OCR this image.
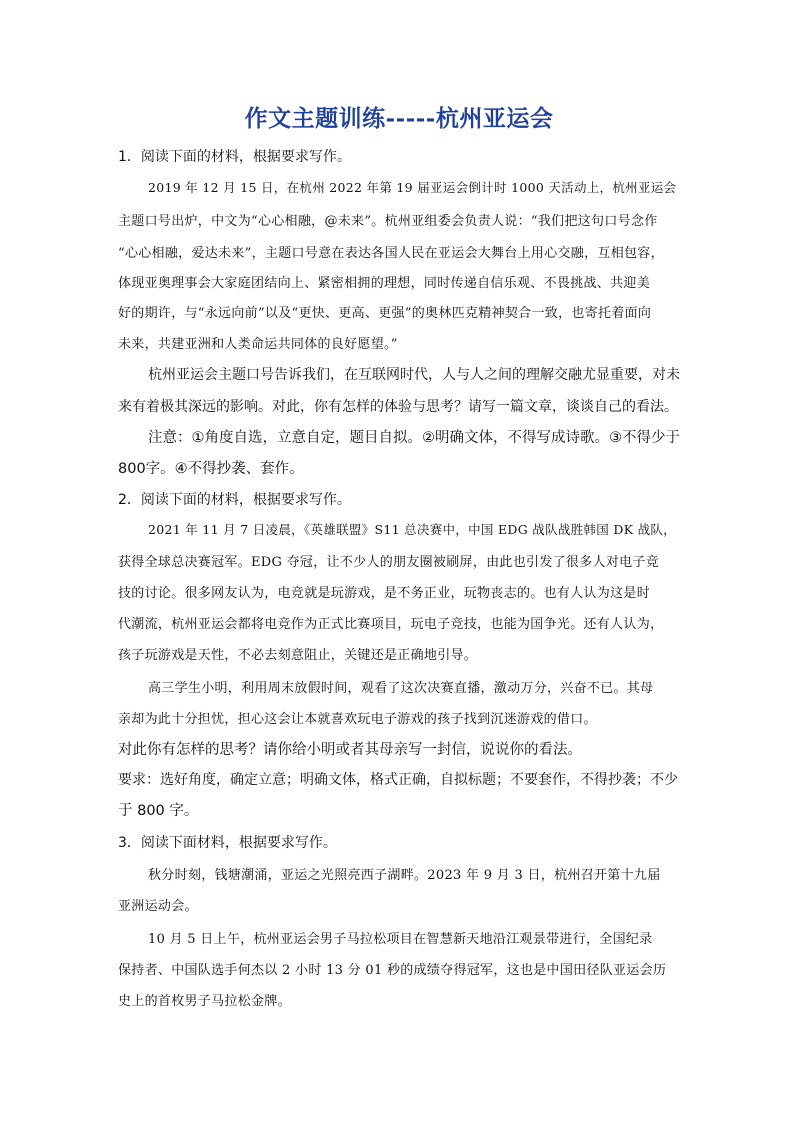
作文主题训练-----杭州亚运会

1．阅读下面的材料，根据要求写作。

2019 年 12 月 15 日，在杭州 2022 年第 19 届亚运会倒计时 1000 天活动上，杭州亚运会

主题口号出炉，中文为“心心相融，@未来”。杭州亚组委会负责人说：“我们把这句口号念作

“心心相融，爱达未来”，主题口号意在表达各国人民在亚运会大舞台上用心交融，互相包容，

体现亚奥理事会大家庭团结向上、紧密相拥的理想，同时传递自信乐观、不畏挑战、共迎美

好的期许，与“永远向前”以及“更快、更高、更强”的奥林匹克精神契合一致，也寄托着面向

未来，共建亚洲和人类命运共同体的良好愿望。”

杭州亚运会主题口号告诉我们，在互联网时代，人与人之间的理解交融尤显重要，对未

来有着极其深远的影响。对此，你有怎样的体验与思考？请写一篇文章，谈谈自己的看法。

注意：①角度自选，立意自定，题目自拟。②明确文体，不得写成诗歌。③不得少于

800字。④不得抄袭、套作。

2．阅读下面的材料，根据要求写作。

2021 年 11 月 7 日凌晨，《英雄联盟》S11 总决赛中，中国 EDG 战队战胜韩国 DK 战队，

获得全球总决赛冠军。EDG 夺冠，让不少人的朋友圈被刷屏，由此也引发了很多人对电子竞

技的讨论。很多网友认为，电竞就是玩游戏，是不务正业，玩物丧志的。也有人认为这是时

代潮流，杭州亚运会都将电竞作为正式比赛项目，玩电子竞技，也能为国争光。还有人认为，

孩子玩游戏是天性，不必去刻意阻止，关键还是正确地引导。

高三学生小明，利用周末放假时间，观看了这次决赛直播，激动万分，兴奋不已。其母

亲却为此十分担忧，担心这会让本就喜欢玩电子游戏的孩子找到沉迷游戏的借口。

对此你有怎样的思考？请你给小明或者其母亲写一封信，说说你的看法。

要求：选好角度，确定立意；明确文体，格式正确，自拟标题；不要套作，不得抄袭；不少

于 800 字。

3．阅读下面材料，根据要求写作。

秋分时刻，钱塘潮涌，亚运之光照亮西子湖畔。2023 年 9 月 3 日，杭州召开第十九届

亚洲运动会。

10 月 5 日上午，杭州亚运会男子马拉松项目在智慧新天地沿江观景带进行，全国纪录

保持者、中国队选手何杰以 2 小时 13 分 01 秒的成绩夺得冠军，这也是中国田径队亚运会历

史上的首枚男子马拉松金牌。
